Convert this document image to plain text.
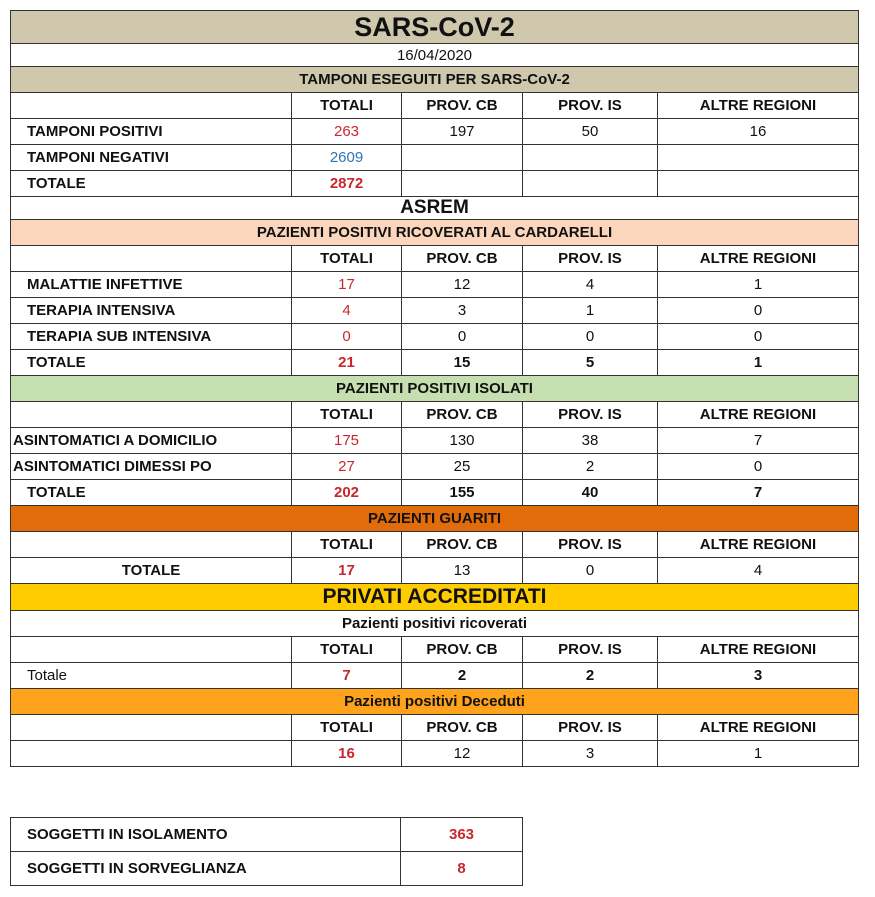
SARS-CoV-2				
16/04/2020				
TAMPONI ESEGUITI PER SARS-CoV-2				
	TOTALI	PROV. CB	PROV. IS	ALTRE REGIONI
TAMPONI POSITIVI	263	197	50	16
TAMPONI NEGATIVI	2609			
TOTALE	2872			
ASREM				
PAZIENTI POSITIVI RICOVERATI AL CARDARELLI				
	TOTALI	PROV. CB	PROV. IS	ALTRE REGIONI
MALATTIE INFETTIVE	17	12	4	1
TERAPIA INTENSIVA	4	3	1	0
TERAPIA SUB INTENSIVA	0	0	0	0
TOTALE	21	15	5	1
PAZIENTI POSITIVI ISOLATI				
	TOTALI	PROV. CB	PROV. IS	ALTRE REGIONI
ASINTOMATICI A DOMICILIO	175	130	38	7
ASINTOMATICI DIMESSI PO	27	25	2	0
TOTALE	202	155	40	7
PAZIENTI GUARITI				
	TOTALI	PROV. CB	PROV. IS	ALTRE REGIONI
TOTALE	17	13	0	4
PRIVATI ACCREDITATI				
Pazienti positivi ricoverati				
	TOTALI	PROV. CB	PROV. IS	ALTRE REGIONI
Totale	7	2	2	3
Pazienti positivi Deceduti				
	TOTALI	PROV. CB	PROV. IS	ALTRE REGIONI
	16	12	3	1
SOGGETTI IN ISOLAMENTO	363
SOGGETTI IN SORVEGLIANZA	8
